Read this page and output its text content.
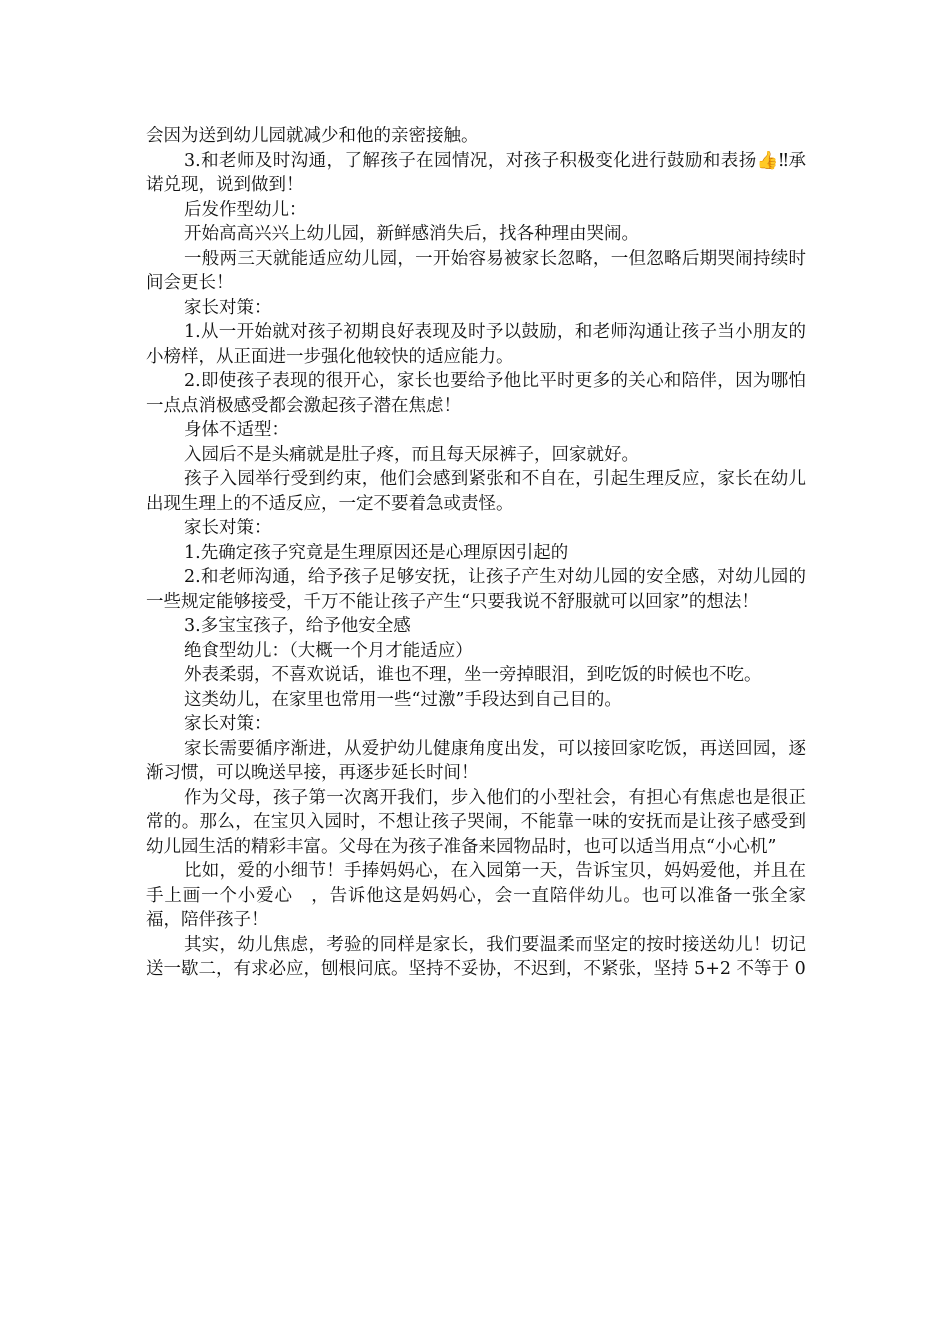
会因为送到幼儿园就减少和他的亲密接触。

3.和老师及时沟通，了解孩子在园情况，对孩子积极变化进行鼓励和表扬👍‼承诺兑现，说到做到！

后发作型幼儿：

开始高高兴兴上幼儿园，新鲜感消失后，找各种理由哭闹。

一般两三天就能适应幼儿园，一开始容易被家长忽略，一但忽略后期哭闹持续时间会更长！

家长对策：

1.从一开始就对孩子初期良好表现及时予以鼓励，和老师沟通让孩子当小朋友的小榜样，从正面进一步强化他较快的适应能力。

2.即使孩子表现的很开心，家长也要给予他比平时更多的关心和陪伴，因为哪怕一点点消极感受都会激起孩子潜在焦虑！

身体不适型：

入园后不是头痛就是肚子疼，而且每天尿裤子，回家就好。

孩子入园举行受到约束，他们会感到紧张和不自在，引起生理反应，家长在幼儿出现生理上的不适反应，一定不要着急或责怪。

家长对策：

1.先确定孩子究竟是生理原因还是心理原因引起的

2.和老师沟通，给予孩子足够安抚，让孩子产生对幼儿园的安全感，对幼儿园的一些规定能够接受，千万不能让孩子产生“只要我说不舒服就可以回家”的想法！

3.多宝宝孩子，给予他安全感

绝食型幼儿：（大概一个月才能适应）

外表柔弱，不喜欢说话，谁也不理，坐一旁掉眼泪，到吃饭的时候也不吃。

这类幼儿，在家里也常用一些“过激”手段达到自己目的。

家长对策：

家长需要循序渐进，从爱护幼儿健康角度出发，可以接回家吃饭，再送回园，逐渐习惯，可以晚送早接，再逐步延长时间！

作为父母，孩子第一次离开我们，步入他们的小型社会，有担心有焦虑也是很正常的。那么，在宝贝入园时，不想让孩子哭闹，不能靠一味的安抚而是让孩子感受到幼儿园生活的精彩丰富。父母在为孩子准备来园物品时，也可以适当用点“小心机”

比如，爱的小细节！手捧妈妈心，在入园第一天，告诉宝贝，妈妈爱他，并且在手上画一个小爱心　，告诉他这是妈妈心，会一直陪伴幼儿。也可以准备一张全家福，陪伴孩子！

其实，幼儿焦虑，考验的同样是家长，我们要温柔而坚定的按时接送幼儿！切记送一歇二，有求必应，刨根问底。坚持不妥协，不迟到，不紧张，坚持 5+2 不等于 0
